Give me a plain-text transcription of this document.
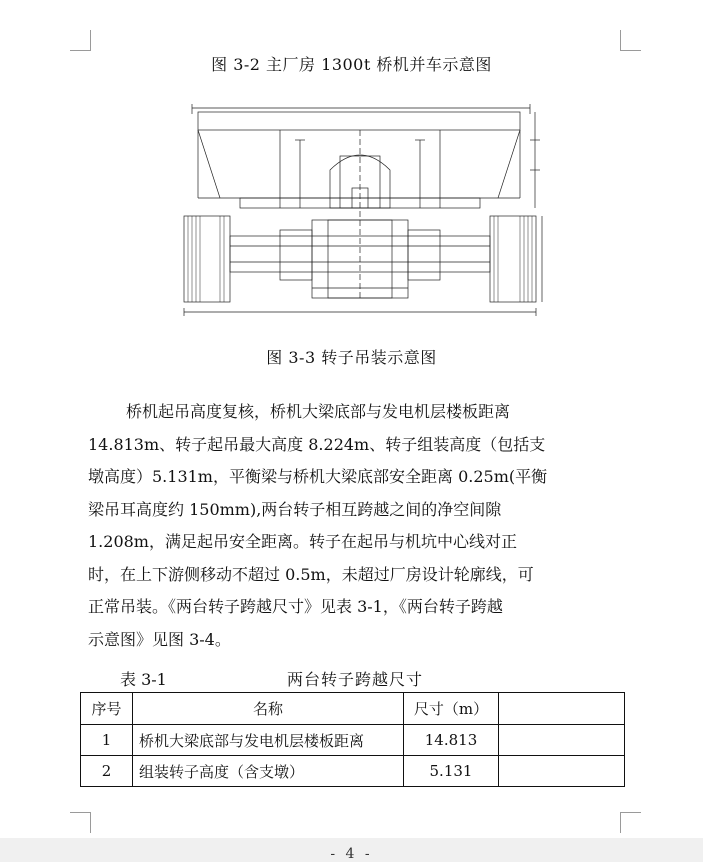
图 3-2 主厂房 1300t 桥机并车示意图
图 3-3 转子吊装示意图
桥机起吊高度复核，桥机大梁底部与发电机层楼板距离
14.813m、转子起吊最大高度 8.224m、转子组装高度（包括支
墩高度）5.131m，平衡梁与桥机大梁底部安全距离 0.25m(平衡
梁吊耳高度约 150mm),两台转子相互跨越之间的净空间隙
1.208m，满足起吊安全距离。转子在起吊与机坑中心线对正
时，在上下游侧移动不超过 0.5m，未超过厂房设计轮廓线，可
正常吊装。《两台转子跨越尺寸》见表 3-1，《两台转子跨越
示意图》见图 3-4。
表 3-1	两台转子跨越尺寸
序号	名称	尺寸（m）	
1	桥机大梁底部与发电机层楼板距离	14.813	
2	组装转子高度（含支墩）	5.131	
- 4 -
